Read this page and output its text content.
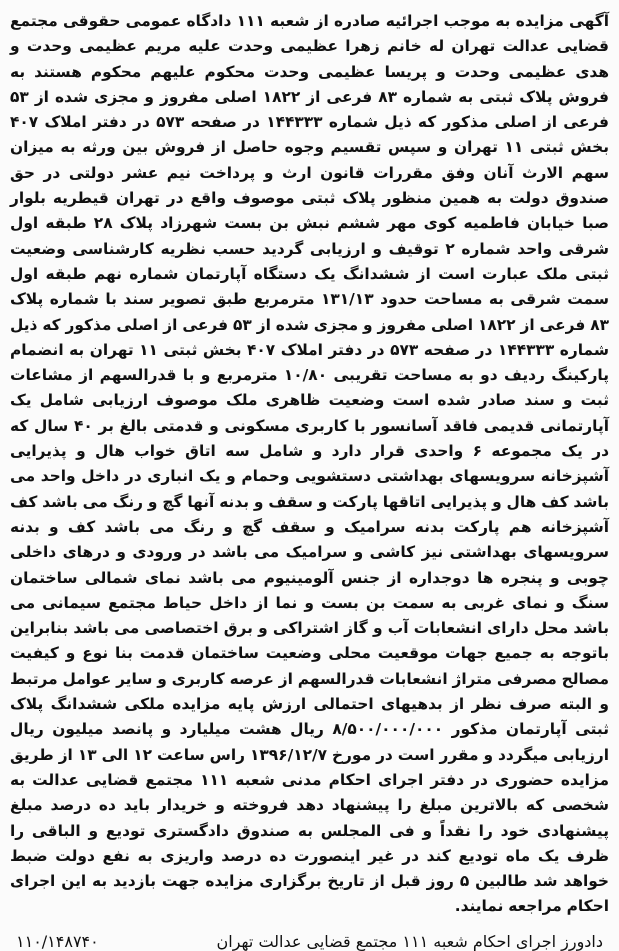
آگهی مزایده به موجب اجرائیه صادره از شعبه ۱۱۱ دادگاه عمومی حقوقی مجتمع قضایی عدالت تهران له خانم زهرا عظیمی وحدت علیه مریم عظیمی وحدت و هدی عظیمی وحدت و پریسا عظیمی وحدت محکوم علیهم محکوم هستند به فروش پلاک ثبتی به شماره ۸۳ فرعی از ۱۸۲۲ اصلی مفروز و مجزی شده از ۵۳ فرعی از اصلی مذکور که ذیل شماره ۱۴۴۳۳۳ در صفحه ۵۷۳ در دفتر املاک ۴۰۷ بخش ثبتی ۱۱ تهران و سپس تقسیم وجوه حاصل از فروش بین ورثه به میزان سهم الارث آنان وفق مقررات قانون ارث و پرداخت نیم عشر دولتی در حق صندوق دولت به همین منظور پلاک ثبتی موصوف واقع در تهران قیطریه بلوار صبا خیابان فاطمیه کوی مهر ششم نبش بن بست شهرزاد پلاک ۲۸ طبقه اول شرقی واحد شماره ۲ توقیف و ارزیابی گردید حسب نظریه کارشناسی وضعیت ثبتی ملک عبارت است از ششدانگ یک دستگاه آپارتمان شماره نهم طبقه اول سمت شرقی به مساحت حدود ۱۳۱/۱۳ مترمربع طبق تصویر سند با شماره پلاک ۸۳ فرعی از ۱۸۲۲ اصلی مفروز و مجزی شده از ۵۳ فرعی از اصلی مذکور که ذیل شماره ۱۴۴۳۳۳ در صفحه ۵۷۳ در دفتر املاک ۴۰۷ بخش ثبتی ۱۱ تهران به انضمام پارکینگ ردیف دو به مساحت تقریبی ۱۰/۸۰ مترمربع و با قدرالسهم از مشاعات ثبت و سند صادر شده است وضعیت ظاهری ملک موصوف ارزیابی شامل یک آپارتمانی قدیمی فاقد آسانسور با کاربری مسکونی و قدمتی بالغ بر ۴۰ سال که در یک مجموعه ۶ واحدی قرار دارد و شامل سه اتاق خواب هال و پذیرایی آشپزخانه سرویسهای بهداشتی دستشویی وحمام و یک انباری در داخل واحد می باشد کف هال و پذیرایی اتاقها پارکت و سقف و بدنه آنها گچ و رنگ می باشد کف آشپزخانه هم پارکت بدنه سرامیک و سقف گچ و رنگ می باشد کف و بدنه سرویسهای بهداشتی نیز کاشی و سرامیک می باشد در ورودی و درهای داخلی چوبی و پنجره ها دوجداره از جنس آلومینیوم می باشد نمای شمالی ساختمان سنگ و نمای غربی به سمت بن بست و نما از داخل حیاط مجتمع سیمانی می باشد محل دارای انشعابات آب و گاز اشتراکی و برق اختصاصی می باشد بنابراین باتوجه به جمیع جهات موقعیت محلی وضعیت ساختمان قدمت بنا نوع و کیفیت مصالح مصرفی متراژ انشعابات قدرالسهم از عرصه کاربری و سایر عوامل مرتبط و البته صرف نظر از بدهیهای احتمالی ارزش پایه مزایده ملکی ششدانگ پلاک ثبتی آپارتمان مذکور ۸/۵۰۰/۰۰۰/۰۰۰ ریال هشت میلیارد و پانصد میلیون ریال ارزیابی میگردد و مقرر است در مورخ ۱۳۹۶/۱۲/۷ راس ساعت ۱۲ الی ۱۳ از طریق مزایده حضوری در دفتر اجرای احکام مدنی شعبه ۱۱۱ مجتمع قضایی عدالت به شخصی که بالاترین مبلغ را پیشنهاد دهد فروخته و خریدار باید ده درصد مبلغ پیشنهادی خود را نقداً و فی المجلس به صندوق دادگستری تودیع و الباقی را ظرف یک ماه تودیع کند در غیر اینصورت ده درصد واریزی به نفع دولت ضبط خواهد شد طالبین ۵ روز قبل از تاریخ برگزاری مزایده جهت بازدید به این اجرای احکام مراجعه نمایند.

دادورز اجرای احکام شعبه ۱۱۱ مجتمع قضایی عدالت تهران
۱۱۰/۱۴۸۷۴۰
